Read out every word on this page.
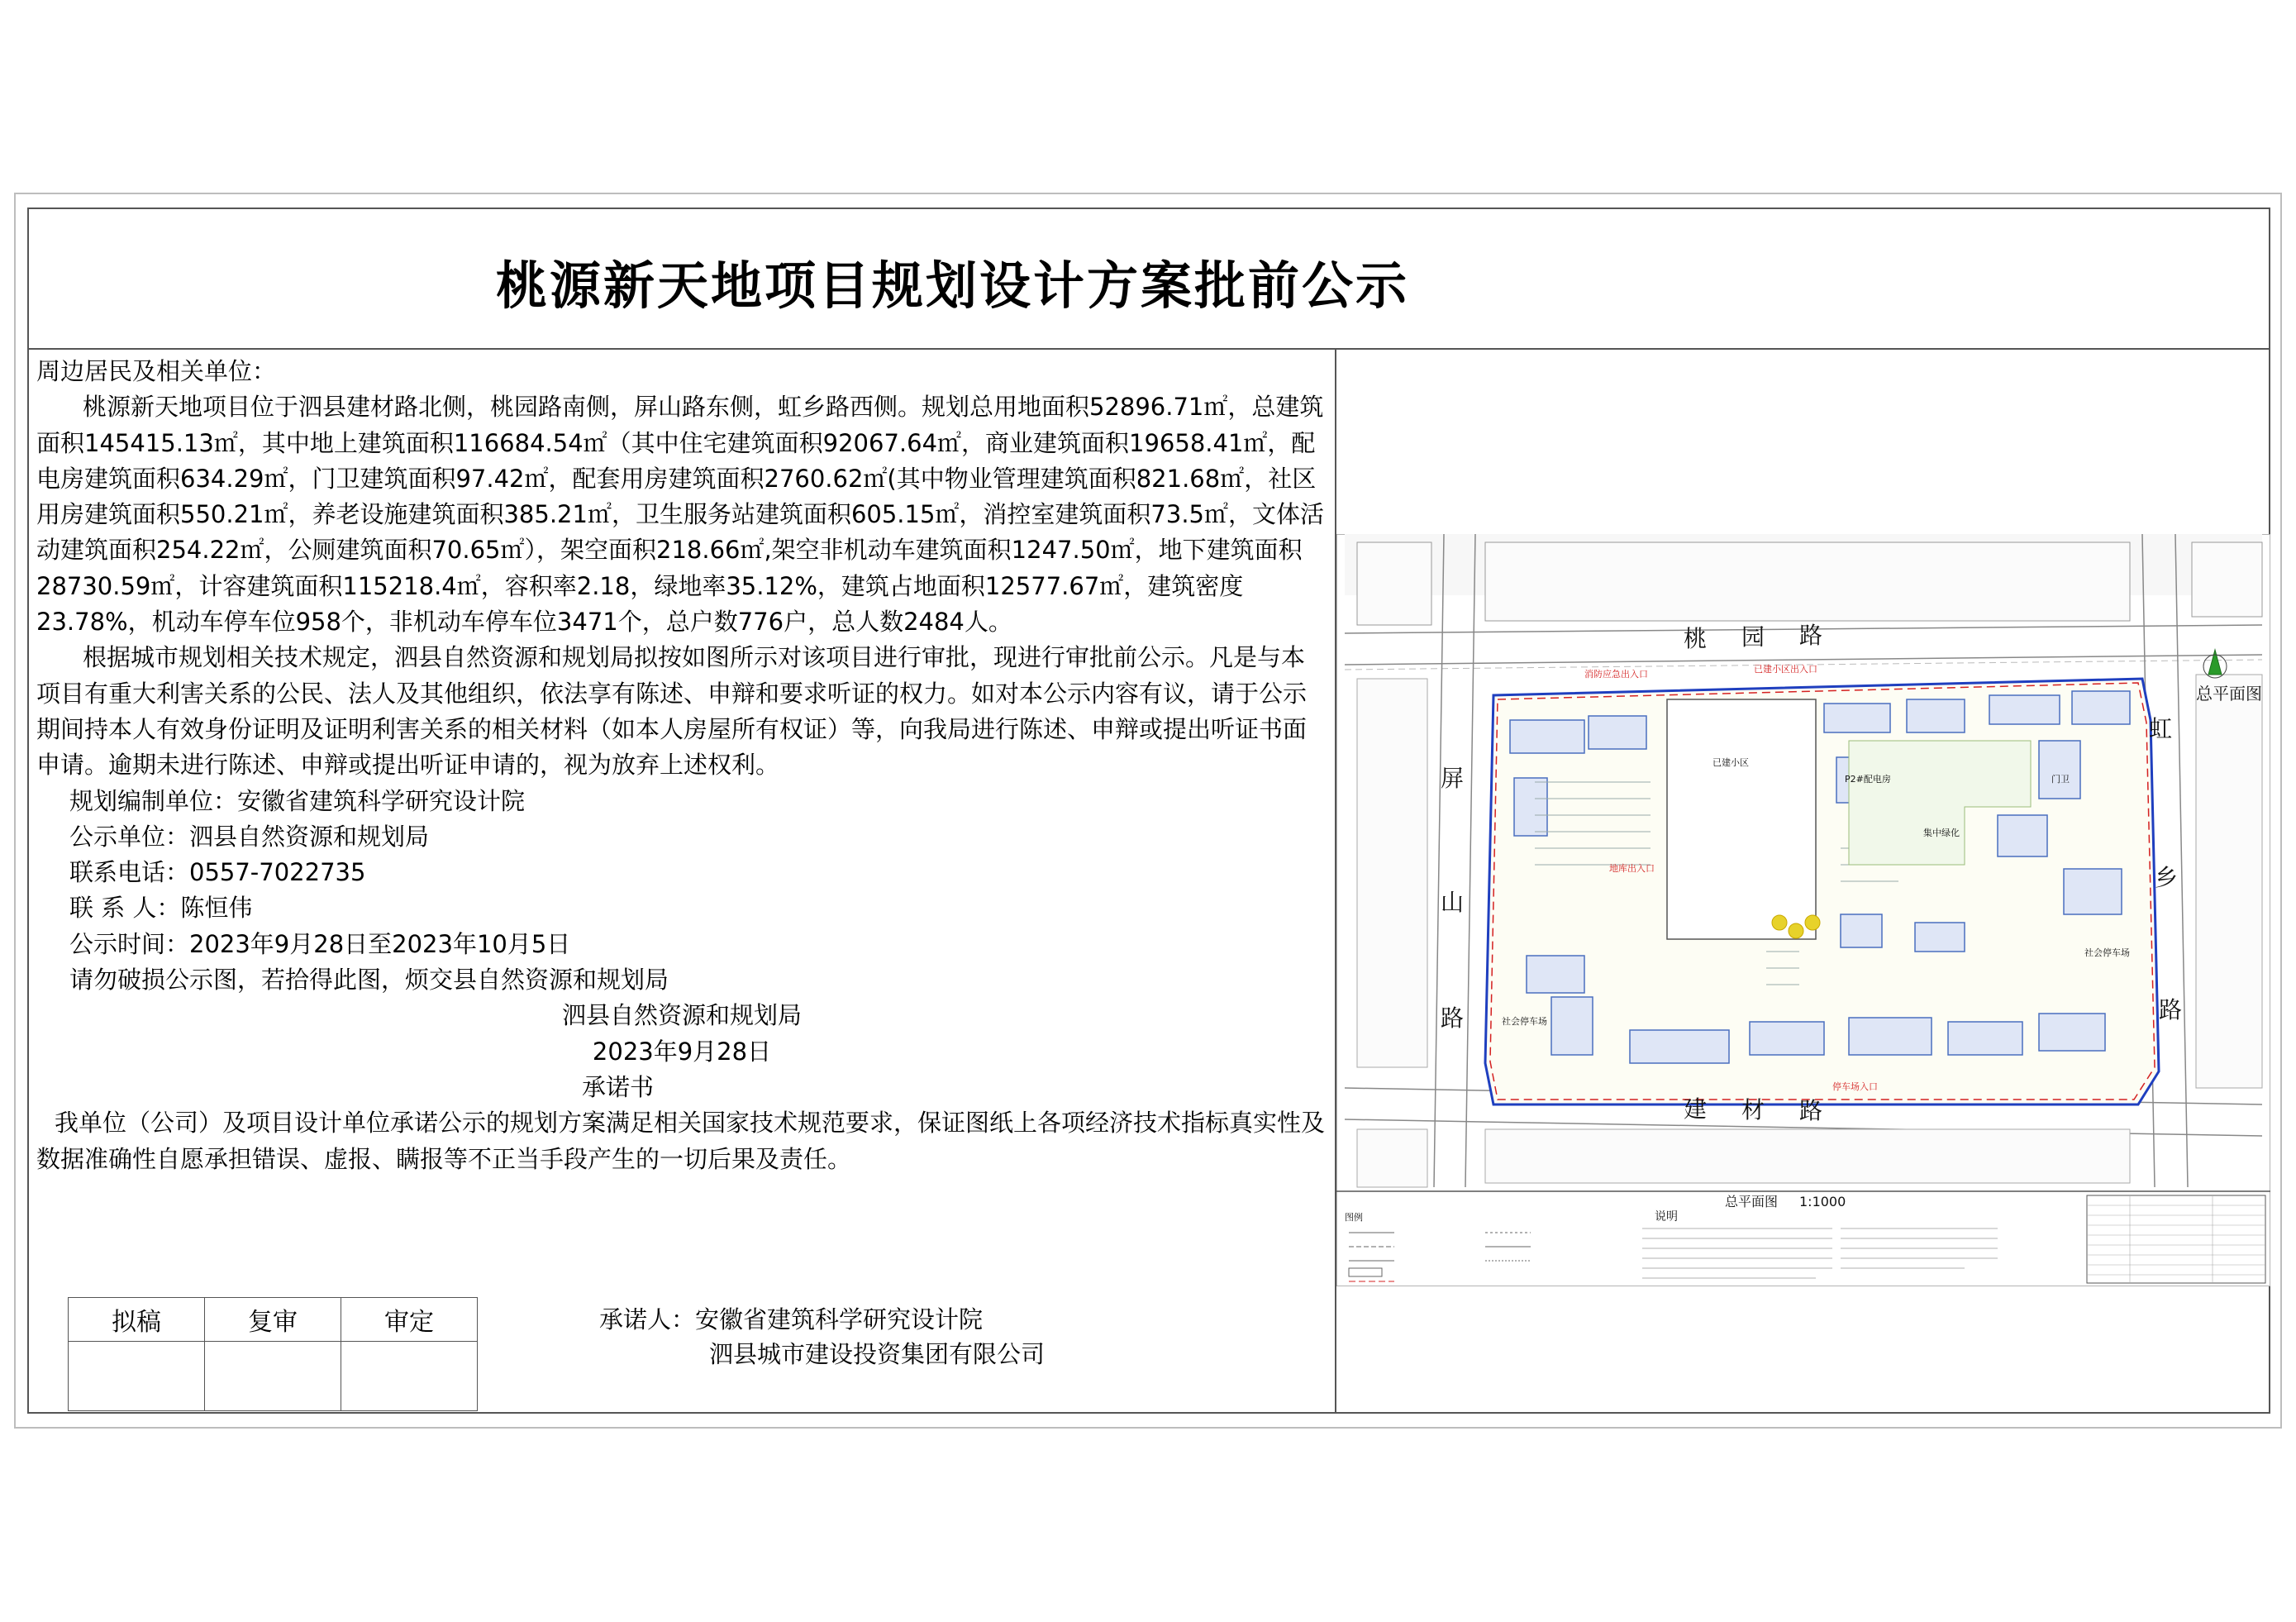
桃源新天地项目规划设计方案批前公示

周边居民及相关单位：

桃源新天地项目位于泗县建材路北侧，桃园路南侧，屏山路东侧，虹乡路西侧。规划总用地面积52896.71㎡，总建筑面积145415.13㎡，其中地上建筑面积116684.54㎡（其中住宅建筑面积92067.64㎡，商业建筑面积19658.41㎡，配电房建筑面积634.29㎡，门卫建筑面积97.42㎡，配套用房建筑面积2760.62㎡(其中物业管理建筑面积821.68㎡，社区用房建筑面积550.21㎡，养老设施建筑面积385.21㎡，卫生服务站建筑面积605.15㎡，消控室建筑面积73.5㎡，文体活动建筑面积254.22㎡，公厕建筑面积70.65㎡），架空面积218.66㎡,架空非机动车建筑面积1247.50㎡，地下建筑面积28730.59㎡，计容建筑面积115218.4㎡，容积率2.18，绿地率35.12%，建筑占地面积12577.67㎡，建筑密度23.78%，机动车停车位958个，非机动车停车位3471个，总户数776户，总人数2484人。

根据城市规划相关技术规定，泗县自然资源和规划局拟按如图所示对该项目进行审批，现进行审批前公示。凡是与本项目有重大利害关系的公民、法人及其他组织，依法享有陈述、申辩和要求听证的权力。如对本公示内容有议，请于公示期间持本人有效身份证明及证明利害关系的相关材料（如本人房屋所有权证）等，向我局进行陈述、申辩或提出听证书面申请。逾期未进行陈述、申辩或提出听证申请的，视为放弃上述权利。

规划编制单位：安徽省建筑科学研究设计院

公示单位：泗县自然资源和规划局

联系电话：0557-7022735

联 系 人：陈恒伟

公示时间：2023年9月28日至2023年10月5日

请勿破损公示图，若拾得此图，烦交县自然资源和规划局

泗县自然资源和规划局

2023年9月28日

承诺书

我单位（公司）及项目设计单位承诺公示的规划方案满足相关国家技术规范要求，保证图纸上各项经济技术指标真实性及数据准确性自愿承担错误、虚报、瞒报等不正当手段产生的一切后果及责任。

拟稿	复审	审定
			承诺人：安徽省建筑科学研究设计院
泗县城市建设投资集团有限公司
桃 园 路
建 材 路
屏
山
路
虹
乡
路
已建小区
集中绿化
P2#配电房
社会停车场
社会停车场
门卫
消防应急出入口	已建小区出入口
地库出入口
停车场入口
总平面图
总平面图 1:1000
图例	说明
